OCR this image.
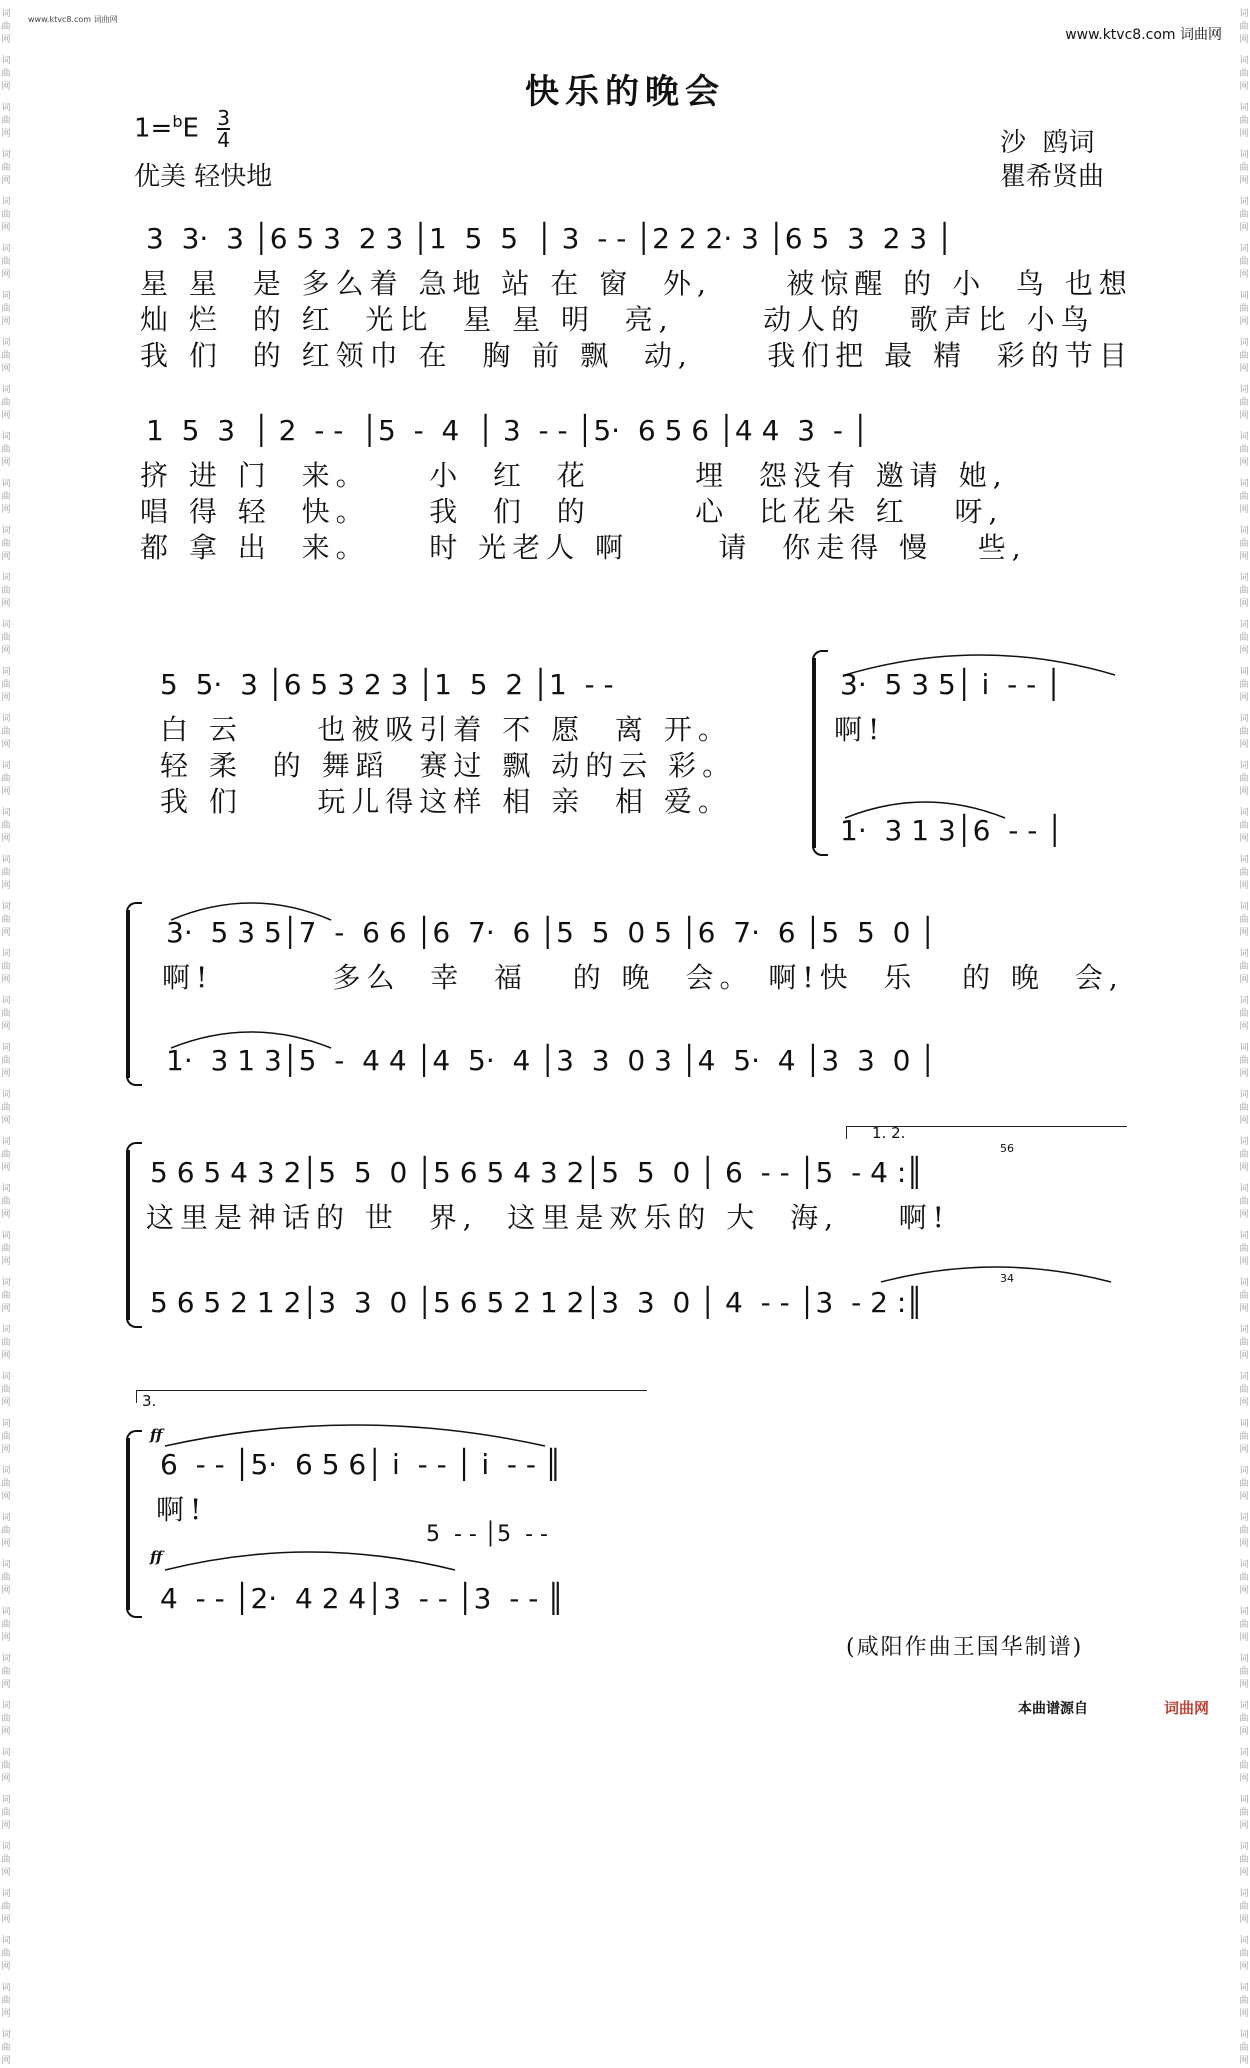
词
曲
网
词
曲
网
词
曲
网
词
曲
网
词
曲
网
词
曲
网
词
曲
网
词
曲
网
词
曲
网
词
曲
网
词
曲
网
词
曲
网
词
曲
网
词
曲
网
词
曲
网
词
曲
网
词
曲
网
词
曲
网
词
曲
网
词
曲
网
词
曲
网
词
曲
网
词
曲
网
词
曲
网
词
曲
网
词
曲
网
词
曲
网
词
曲
网
词
曲
网
词
曲
网
词
曲
网
词
曲
网
词
曲
网
词
曲
网
词
曲
网
词
曲
网
词
曲
网
词
曲
网
词
曲
网
词
曲
网
词
曲
网
词
曲
网
词
曲
网
词
曲
网
词
曲
网
词
曲
网
词
曲
网
词
曲
网
词
曲
网
词
曲
网
词
曲
网
词
曲
网
词
曲
网
词
曲
网
词
曲
网
词
曲
网
词
曲
网
词
曲
网
词
曲
网
词
曲
网
词
曲
网
词
曲
网
词
曲
网
词
曲
网
词
曲
网
词
曲
网
词
曲
网
词
曲
网
词
曲
网
词
曲
网
词
曲
网
词
曲
网
词
曲
网
词
曲
网
词
曲
网
词
曲
网
词
曲
网
词
曲
网
词
曲
网
词
曲
网
词
曲
网
词
曲
网
词
曲
网
词
曲
网
词
曲
网
词
曲
网
词
曲
网
词
曲
网
www.ktvc8.com 词曲网
www.ktvc8.com 词曲网
快乐的晚会
$1=^bE \frac{3}{4}$
优美 轻快地
沙  鸥词
瞿希贤曲
3  3·  3 │6 5 3  2 3 │1  5  5  │ 3  - - │2 2 2· 3 │6 5  3  2 3 │
星 星  是 多么着 急地 站 在 窗  外,     被惊醒 的 小  鸟 也想
灿 烂  的 红  光比  星 星 明  亮,      动人的   歌声比 小鸟
我 们  的 红领巾 在  胸 前 飘  动,     我们把 最 精  彩的节目
1  5  3  │ 2  - -  │5  -  4  │ 3  - - │5·  6 5 6 │4 4  3  - │
挤 进 门  来。    小  红  花       埋  怨没有 邀请 她,
唱 得 轻  快。    我  们  的       心  比花朵 红   呀,
都 拿 出  来。    时 光老人 啊      请  你走得 慢   些,
5  5·  3 │6 5 3 2 3 │1  5  2 │1  - -
白 云     也被吸引着 不 愿  离 开。
轻 柔  的 舞蹈  赛过 飘 动的云 彩。
我 们     玩儿得这样 相 亲  相 爱。
3·  5 3 5│ i  - - │
啊!
1·  3 1 3│6  - - │
3·  5 3 5│7  -  6 6 │6  7·  6 │5  5  0 5 │6  7·  6 │5  5  0 │
啊!        多么  幸  福   的 晚  会。 啊!快  乐   的 晚  会,
1·  3 1 3│5  -  4 4 │4  5·  4 │3  3  0 3 │4  5·  4 │3  3  0 │
1. 2.
5 6 5 4 3 2│5  5  0 │5 6 5 4 3 2│5  5  0 │ 6  - - │5  - 4 :║
56
这里是神话的 世  界,  这里是欢乐的 大  海,    啊!
5 6 5 2 1 2│3  3  0 │5 6 5 2 1 2│3  3  0 │ 4  - - │3  - 2 :║
34
3.
ff
6  - - │5·  6 5 6│ i  - - │ i  - - ║
啊!
5  - - │5  - -
ff
4  - - │2·  4 2 4│3  - - │3  - - ║
(咸阳作曲王国华制谱)
本曲谱源自	词曲网
